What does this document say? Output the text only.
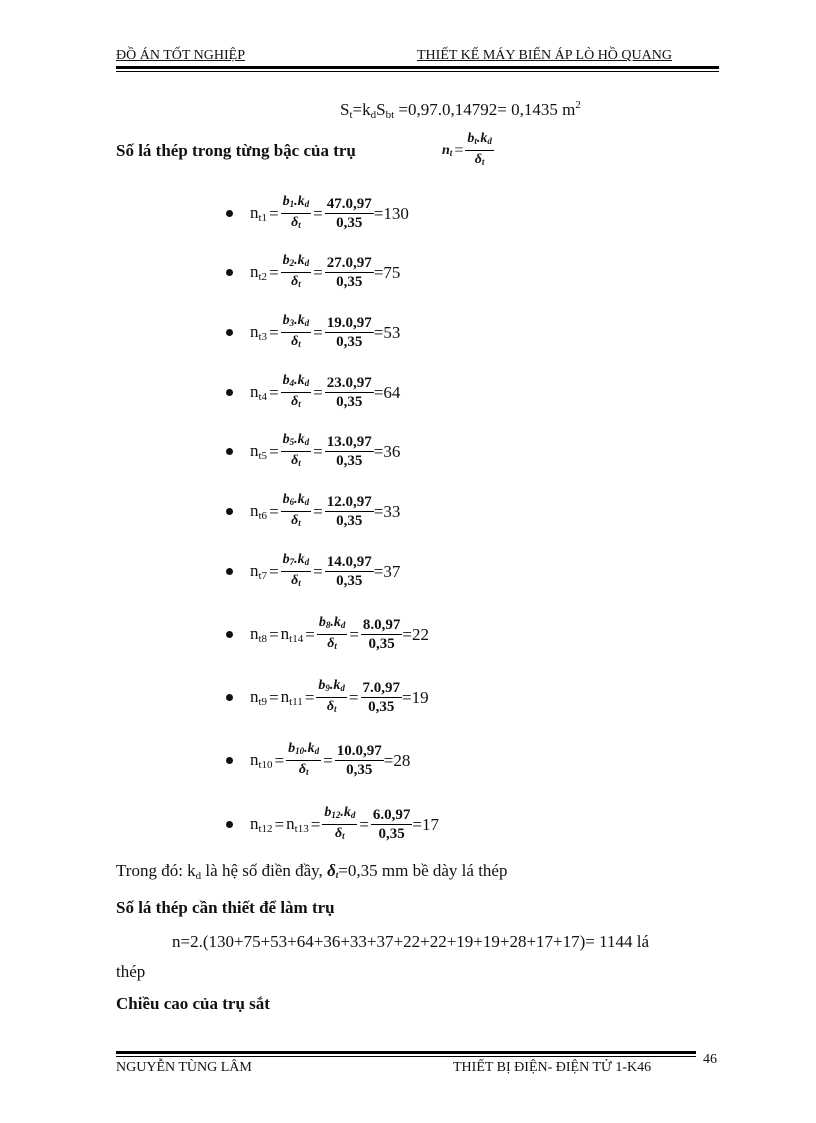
ĐỒ ÁN TỐT NGHIỆP	THIẾT KẾ MÁY BIẾN ÁP LÒ HỒ QUANG
$S_t=k_dS_{bt} =0,97.0,14792= 0,1435$ $m^2$
Số lá thép trong từng bậc của trụ	$n_t = \frac{b_t.k_d}{\delta_t}$
$n_{t1} = \frac{b_1.k_d}{\delta_t} = \frac{47.0,97}{0,35} =130$
$n_{t2} = \frac{b_2.k_d}{\delta_t} = \frac{27.0,97}{0,35} =75$
$n_{t3} = \frac{b_3.k_d}{\delta_t} = \frac{19.0,97}{0,35} =53$
$n_{t4} = \frac{b_4.k_d}{\delta_t} = \frac{23.0,97}{0,35} =64$
$n_{t5} = \frac{b_5.k_d}{\delta_t} = \frac{13.0,97}{0,35} =36$
$n_{t6} = \frac{b_6.k_d}{\delta_t} = \frac{12.0,97}{0,35} =33$
$n_{t7} = \frac{b_7.k_d}{\delta_t} = \frac{14.0,97}{0,35} =37$
$n_{t8} = n_{t14} = \frac{b_8.k_d}{\delta_t} = \frac{8.0,97}{0,35} =22$
$n_{t9} = n_{t11} = \frac{b_9.k_d}{\delta_t} = \frac{7.0,97}{0,35} =19$
$n_{t10} = \frac{b_{10}.k_d}{\delta_t} = \frac{10.0,97}{0,35} =28$
$n_{t12} = n_{t13} = \frac{b_{12}.k_d}{\delta_t} = \frac{6.0,97}{0,35} =17$
Trong đó: $k_d$ là hệ số điền đầy, $\delta_t=0,35$ mm bề dày lá thép
Số lá thép cần thiết để làm trụ
n=2.(130+75+53+64+36+33+37+22+22+19+19+28+17+17)= 1144 lá
thép
Chiều cao của trụ sắt
NGUYỄN TÙNG LÂM	THIẾT BỊ ĐIỆN- ĐIỆN TỬ 1-K46
46
